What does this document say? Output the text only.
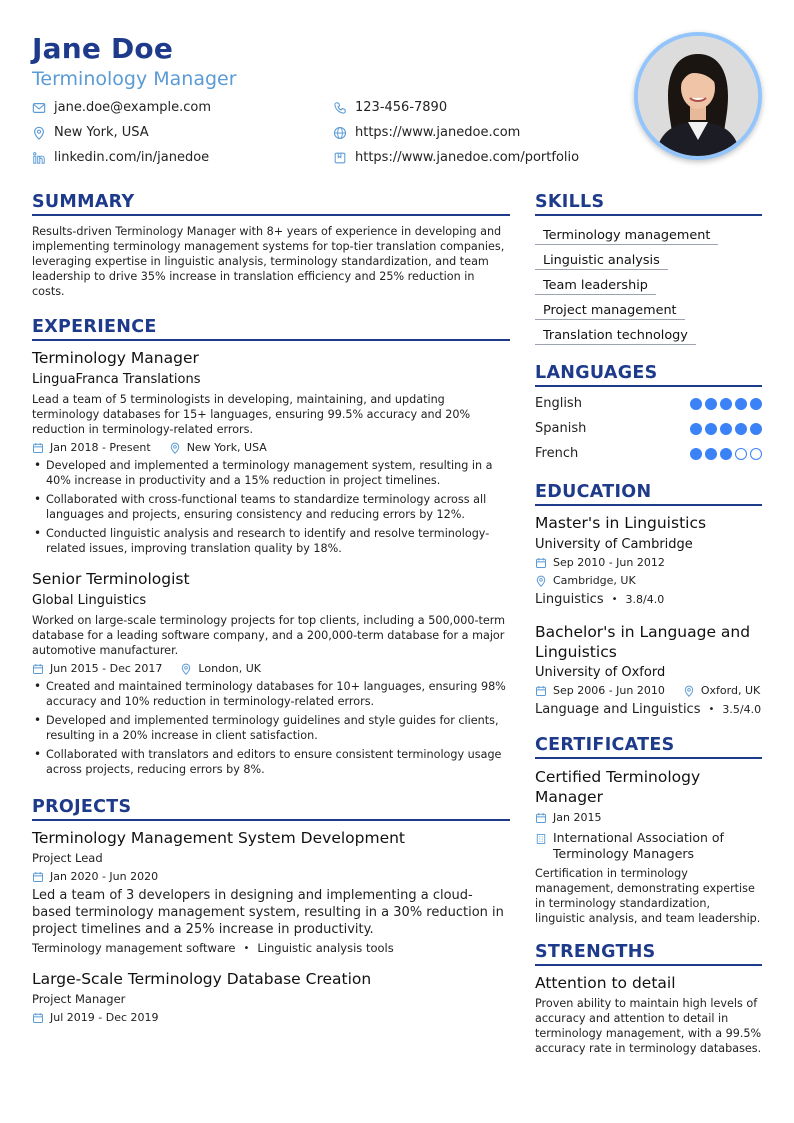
Jane Doe
Terminology Manager
jane.doe@example.com	123-456-7890
New York, USA	https://www.janedoe.com
linkedin.com/in/janedoe	https://www.janedoe.com/portfolio
SUMMARY

Results-driven Terminology Manager with 8+ years of experience in developing and implementing terminology management systems for top-tier translation companies, leveraging expertise in linguistic analysis, terminology standardization, and team leadership to drive 35% increase in translation efficiency and 25% reduction in costs.

EXPERIENCE
Terminology Manager
LinguaFranca Translations

Lead a team of 5 terminologists in developing, maintaining, and updating terminology databases for 15+ languages, ensuring 99.5% accuracy and 20% reduction in terminology-related errors.

Jan 2018 - Present	New York, USA
• Developed and implemented a terminology management system, resulting in a 40% increase in productivity and a 15% reduction in project timelines.
• Collaborated with cross-functional teams to standardize terminology across all languages and projects, ensuring consistency and reducing errors by 12%.
• Conducted linguistic analysis and research to identify and resolve terminology-related issues, improving translation quality by 18%.
Senior Terminologist
Global Linguistics

Worked on large-scale terminology projects for top clients, including a 500,000-term database for a leading software company, and a 200,000-term database for a major automotive manufacturer.

Jun 2015 - Dec 2017	London, UK
• Created and maintained terminology databases for 10+ languages, ensuring 98% accuracy and 10% reduction in terminology-related errors.
• Developed and implemented terminology guidelines and style guides for clients, resulting in a 20% increase in client satisfaction.
• Collaborated with translators and editors to ensure consistent terminology usage across projects, reducing errors by 8%.
PROJECTS
Terminology Management System Development
Project Lead
Jan 2020 - Jun 2020

Led a team of 3 developers in designing and implementing a cloud-based terminology management system, resulting in a 30% reduction in project timelines and a 25% increase in productivity.

Terminology management software • Linguistic analysis tools
Large-Scale Terminology Database Creation
Project Manager
Jul 2019 - Dec 2019
SKILLS
Terminology management
Linguistic analysis
Team leadership
Project management
Translation technology
LANGUAGES
English
Spanish
French
EDUCATION
Master's in Linguistics
University of Cambridge
Sep 2010 - Jun 2012
Cambridge, UK
Linguistics • 3.8/4.0
Bachelor's in Language and Linguistics
University of Oxford
Sep 2006 - Jun 2010	Oxford, UK
Language and Linguistics • 3.5/4.0
CERTIFICATES
Certified Terminology Manager
Jan 2015
International Association of Terminology Managers

Certification in terminology management, demonstrating expertise in terminology standardization, linguistic analysis, and team leadership.

STRENGTHS
Attention to detail

Proven ability to maintain high levels of accuracy and attention to detail in terminology management, with a 99.5% accuracy rate in terminology databases.
